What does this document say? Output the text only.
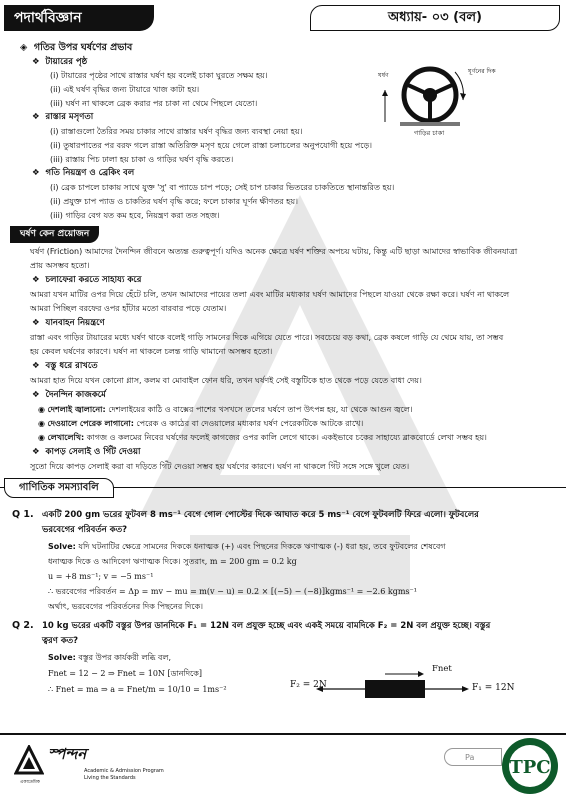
পদার্থবিজ্ঞান	অধ্যায়- ০৩ (বল)
◈  গতির উপর ঘর্ষণের প্রভাব
❖  টায়ারের পৃষ্ঠ
(i) টায়ারের পৃষ্ঠের সাথে রাস্তার ঘর্ষণ হয় বলেই চাকা ঘুরতে সক্ষম হয়।
(ii) এই ঘর্ষণ বৃদ্ধির জন্য টায়ারে খাজ কাটা হয়।
(iii) ঘর্ষণ না থাকলে ব্রেক করার পর চাকা না থেমে পিছলে যেতো।
❖  রাস্তার মসৃণতা
(i) রাস্তাগুলো তৈরির সময় চাকার সাথে রাস্তার ঘর্ষণ বৃদ্ধির জন্য ব্যবস্থা নেয়া হয়।
(ii) তুষারপাতের পর বরফ গলে রাস্তা অতিরিক্ত মসৃণ হয়ে গেলে রাস্তা চলাচলের অনুপযোগী হয়ে পড়ে।
(iii) রাস্তায় পিচ ঢালা হয় চাকা ও গাড়ির ঘর্ষণ বৃদ্ধি করতে।
❖  গতি নিয়ন্ত্রণ ও ব্রেকিং বল
(i) ব্রেক চাপলে চাকায় সাথে যুক্ত 'সু' বা প্যাডে চাপ পড়ে; সেই চাপ চাকার ভিতরের চাকতিতে স্থানান্তরিত হয়।
(ii) প্রযুক্ত চাপ প্যাড ও চাকতির ঘর্ষণ বৃদ্ধি করে; ফলে চাকার ঘূর্ণন ক্ষীণতর হয়।
(iii) গাড়ির বেগ যত কম হবে, নিয়ন্ত্রণ করা তত সহজ।
ঘূর্ণনের দিক
ঘর্ষণ
গাড়ির চাকা
ঘর্ষণ কেন প্রয়োজন
ঘর্ষণ (Friction) আমাদের দৈনন্দিন জীবনে অত্যন্ত গুরুত্বপূর্ণ। যদিও অনেক ক্ষেত্রে ঘর্ষণ শক্তির অপচয় ঘটায়, কিন্তু এটি ছাড়া আমাদের স্বাভাবিক জীবনযাত্রা
প্রায় অসম্ভব হতো।
❖  চলাফেরা করতে সাহায্য করে
আমরা যখন মাটির ওপর দিয়ে হেঁটে চলি, তখন আমাদের পায়ের তলা এবং মাটির মধ্যকার ঘর্ষণ আমাদের পিছলে যাওয়া থেকে রক্ষা করে। ঘর্ষণ না থাকলে
আমরা পিচ্ছিল বরফের ওপর হাঁটার মতো বারবার পড়ে যেতাম।
❖  যানবাহন নিয়ন্ত্রণে
রাস্তা এবং গাড়ির টায়ারের মধ্যে ঘর্ষণ থাকে বলেই গাড়ি সামনের দিকে এগিয়ে যেতে পারে। সবচেয়ে বড় কথা, ব্রেক কষলে গাড়ি যে থেমে যায়, তা সম্ভব
হয় কেবল ঘর্ষণের কারণে। ঘর্ষণ না থাকলে চলন্ত গাড়ি থামানো অসম্ভব হতো।
❖  বস্তু ধরে রাখতে
আমরা হাত দিয়ে যখন কোনো গ্লাস, কলম বা মোবাইল ফোন ধরি, তখন ঘর্ষণই সেই বস্তুটিকে হাত থেকে পড়ে যেতে বাধা দেয়।
❖  দৈনন্দিন কাজকর্মে
◉ দেশলাই জ্বালানো: দেশলাইয়ের কাঠি ও বাক্সের পাশের খসখসে তলের ঘর্ষণে তাপ উৎপন্ন হয়, যা থেকে আগুন জ্বলে।
◉ দেওয়ালে পেরেক লাগানো: পেরেক ও কাঠের বা দেওয়ালের মধ্যকার ঘর্ষণ পেরেকটিকে আটকে রাখে।
◉ লেখালেখি: কাগজ ও কলমের নিবের ঘর্ষণের ফলেই কাগজের ওপর কালি লেগে থাকে। একইভাবে চকের সাহায্যে ব্লাকবোর্ডে লেখা সম্ভব হয়।
❖  কাপড় সেলাই ও গিঁট দেওয়া
সুতো দিয়ে কাপড় সেলাই করা বা দড়িতে গিঁট দেওয়া সম্ভব হয় ঘর্ষণের কারণে। ঘর্ষণ না থাকলে গিঁট সঙ্গে সঙ্গে খুলে যেত।
গাণিতিক সমস্যাবলি
Q 1. একটি 200 gm ভরের ফুটবল 8 ms⁻¹ বেগে গোল পোস্টের দিকে আঘাত করে 5 ms⁻¹ বেগে ফুটবলটি ফিরে এলো। ফুটবলের
ভরবেগের পরিবর্তন কত?
Solve: যদি ঘটনাটির ক্ষেত্রে সামনের দিককে ধনাত্মক (+) এবং পিছনের দিককে ঋণাত্মক (-) ধরা হয়, তবে ফুটবলের শেষবেগ
ধনাত্মক দিকে ও আদিবেগ ঋণাত্মক দিকে। সুতরাং, m = 200 gm = 0.2 kg
u = +8 ms⁻¹; v = −5 ms⁻¹
∴ ভরবেগের পরিবর্তন = Δp = mv − mu = m(v − u) = 0.2 × [(−5) − (−8)]kgms⁻¹ = −2.6 kgms⁻¹
অর্থাৎ, ভরবেগের পরিবর্তনের দিক পিছনের দিকে।
Q 2. 10 kg ভরের একটি বস্তুর উপর ডানদিকে F₁ = 12N বল প্রযুক্ত হচ্ছে এবং একই সময়ে বামদিকে F₂ = 2N বল প্রযুক্ত হচ্ছে। বস্তুর
ত্বরণ কত?
Solve: বস্তুর উপর কার্যকরী লব্ধি বল,
Fnet = 12 − 2 ⇒ Fnet = 10N [ডানদিকে]
∴ Fnet = ma ⇒ a = Fnet/m = 10/10 = 1ms⁻²	F₂ = 2N	F₁ = 12N
Fnet
স্পন্দন
একাডেমিক
Academic & Admission Program
Living the Standards
Pa	TPC
